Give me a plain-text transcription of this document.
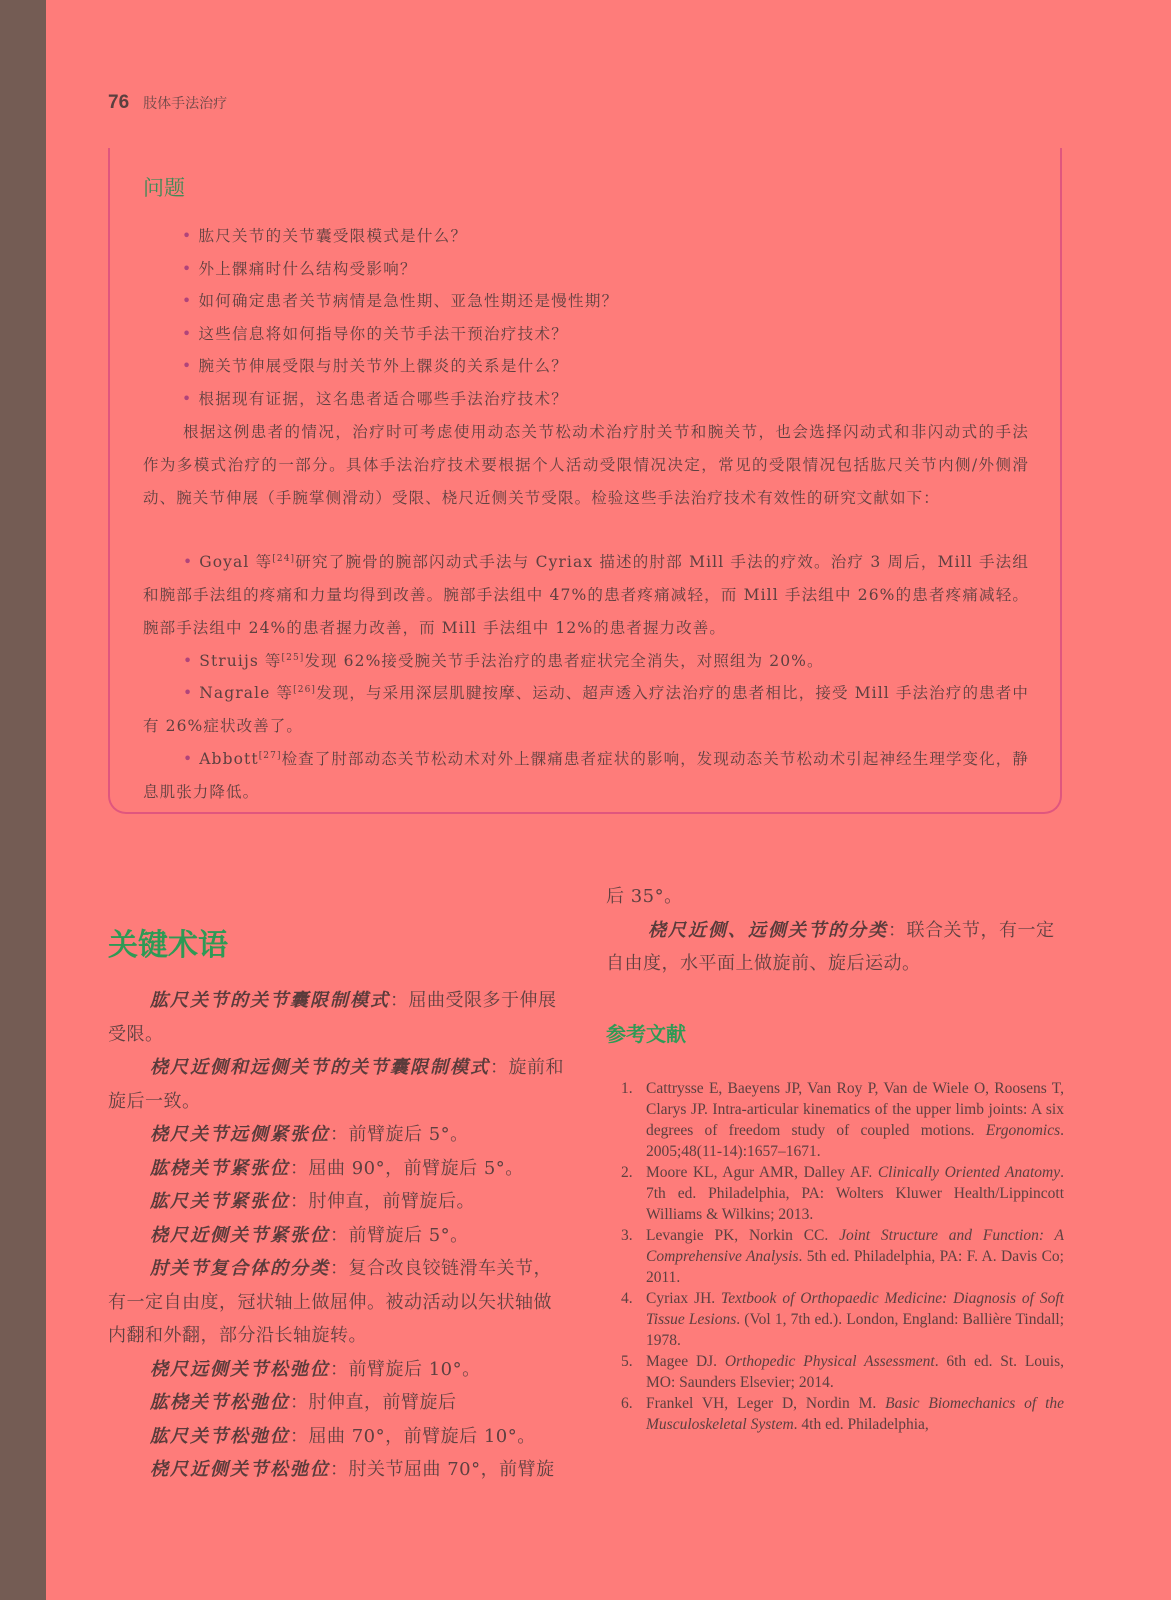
76 肢体手法治疗
问题
• 肱尺关节的关节囊受限模式是什么？
• 外上髁痛时什么结构受影响？
• 如何确定患者关节病情是急性期、亚急性期还是慢性期？
• 这些信息将如何指导你的关节手法干预治疗技术？
• 腕关节伸展受限与肘关节外上髁炎的关系是什么？
• 根据现有证据，这名患者适合哪些手法治疗技术？

根据这例患者的情况，治疗时可考虑使用动态关节松动术治疗肘关节和腕关节，也会选择闪动式和非闪动式的手法作为多模式治疗的一部分。具体手法治疗技术要根据个人活动受限情况决定，常见的受限情况包括肱尺关节内侧/外侧滑动、腕关节伸展（手腕掌侧滑动）受限、桡尺近侧关节受限。检验这些手法治疗技术有效性的研究文献如下：

• Goyal 等[24]研究了腕骨的腕部闪动式手法与 Cyriax 描述的肘部 Mill 手法的疗效。治疗 3 周后，Mill 手法组和腕部手法组的疼痛和力量均得到改善。腕部手法组中 47%的患者疼痛减轻，而 Mill 手法组中 26%的患者疼痛减轻。腕部手法组中 24%的患者握力改善，而 Mill 手法组中 12%的患者握力改善。

• Struijs 等[25]发现 62%接受腕关节手法治疗的患者症状完全消失，对照组为 20%。

• Nagrale 等[26]发现，与采用深层肌腱按摩、运动、超声透入疗法治疗的患者相比，接受 Mill 手法治疗的患者中有 26%症状改善了。

• Abbott[27]检查了肘部动态关节松动术对外上髁痛患者症状的影响，发现动态关节松动术引起神经生理学变化，静息肌张力降低。

关键术语

肱尺关节的关节囊限制模式：屈曲受限多于伸展受限。

桡尺近侧和远侧关节的关节囊限制模式：旋前和旋后一致。

桡尺关节远侧紧张位：前臂旋后 5°。

肱桡关节紧张位：屈曲 90°，前臂旋后 5°。

肱尺关节紧张位：肘伸直，前臂旋后。

桡尺近侧关节紧张位：前臂旋后 5°。

肘关节复合体的分类：复合改良铰链滑车关节，有一定自由度，冠状轴上做屈伸。被动活动以矢状轴做内翻和外翻，部分沿长轴旋转。

桡尺远侧关节松弛位：前臂旋后 10°。

肱桡关节松弛位：肘伸直，前臂旋后

肱尺关节松弛位：屈曲 70°，前臂旋后 10°。

桡尺近侧关节松弛位：肘关节屈曲 70°，前臂旋

后 35°。

桡尺近侧、远侧关节的分类：联合关节，有一定自由度，水平面上做旋前、旋后运动。

参考文献
1. Cattrysse E, Baeyens JP, Van Roy P, Van de Wiele O, Roosens T, Clarys JP. Intra-articular kinematics of the upper limb joints: A six degrees of freedom study of coupled motions. Ergonomics. 2005;48(11-14):1657–1671.
2. Moore KL, Agur AMR, Dalley AF. Clinically Oriented Anatomy. 7th ed. Philadelphia, PA: Wolters Kluwer Health/Lippincott Williams & Wilkins; 2013.
3. Levangie PK, Norkin CC. Joint Structure and Function: A Comprehensive Analysis. 5th ed. Philadelphia, PA: F. A. Davis Co; 2011.
4. Cyriax JH. Textbook of Orthopaedic Medicine: Diagnosis of Soft Tissue Lesions. (Vol 1, 7th ed.). London, England: Ballière Tindall; 1978.
5. Magee DJ. Orthopedic Physical Assessment. 6th ed. St. Louis, MO: Saunders Elsevier; 2014.
6. Frankel VH, Leger D, Nordin M. Basic Biomechanics of the Musculoskeletal System. 4th ed. Philadelphia,
